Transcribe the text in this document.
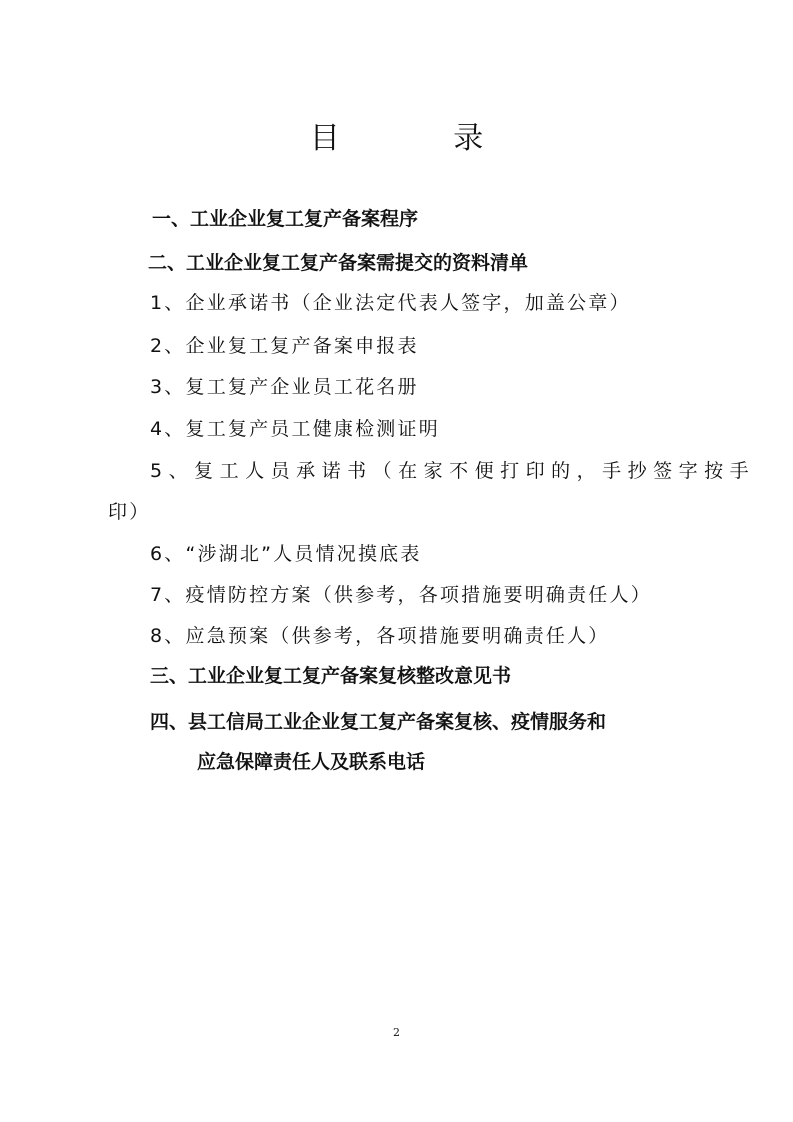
目 录
一、工业企业复工复产备案程序
二、工业企业复工复产备案需提交的资料清单
1、企业承诺书（企业法定代表人签字，加盖公章）
2、企业复工复产备案申报表
3、复工复产企业员工花名册
4、复工复产员工健康检测证明
5、复工人员承诺书（在家不便打印的，手抄签字按手
印）
6、“涉湖北”人员情况摸底表
7、疫情防控方案（供参考，各项措施要明确责任人）
8、应急预案（供参考，各项措施要明确责任人）
三、工业企业复工复产备案复核整改意见书
四、县工信局工业企业复工复产备案复核、疫情服务和
应急保障责任人及联系电话
2
